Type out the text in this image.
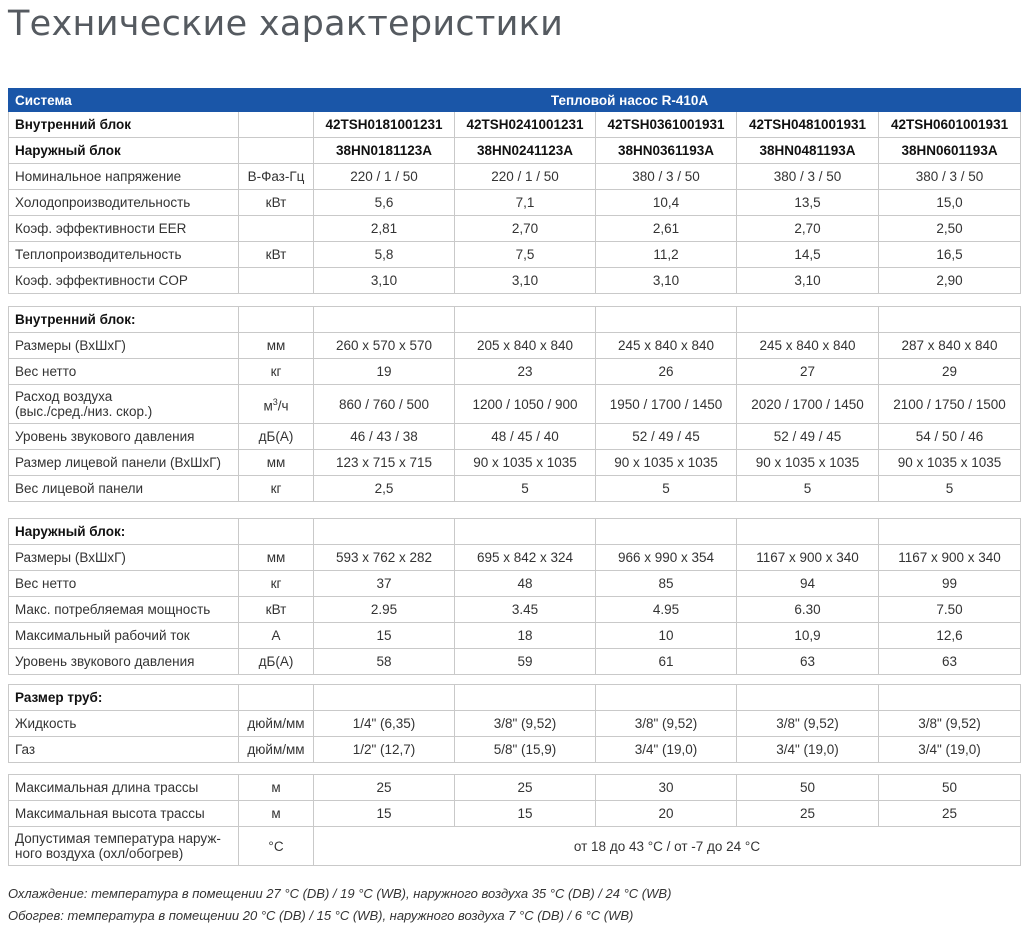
Технические характеристики
Система	Тепловой насос R-410A					
Внутренний блок		42TSH0181001231	42TSH0241001231	42TSH0361001931	42TSH0481001931	42TSH0601001931
Наружный блок		38HN0181123A	38HN0241123A	38HN0361193A	38HN0481193A	38HN0601193A
Номинальное напряжение	В-Фаз-Гц	220 / 1 / 50	220 / 1 / 50	380 / 3 / 50	380 / 3 / 50	380 / 3 / 50
Холодопроизводительность	кВт	5,6	7,1	10,4	13,5	15,0
Коэф. эффективности EER		2,81	2,70	2,61	2,70	2,50
Теплопроизводительность	кВт	5,8	7,5	11,2	14,5	16,5
Коэф. эффективности COP		3,10	3,10	3,10	3,10	2,90
Внутренний блок:						
Размеры (ВхШхГ)	мм	260 x 570 x 570	205 x 840 x 840	245 x 840 x 840	245 x 840 x 840	287 x 840 x 840
Вес нетто	кг	19	23	26	27	29
Расход воздуха
(выс./сред./низ. скор.)	$м^3/ч$	860 / 760 / 500	1200 / 1050 / 900	1950 / 1700 / 1450	2020 / 1700 / 1450	2100 / 1750 / 1500
Уровень звукового давления	дБ(А)	46 / 43 / 38	48 / 45 / 40	52 / 49 / 45	52 / 49 / 45	54 / 50 / 46
Размер лицевой панели (ВхШхГ)	мм	123 x 715 x 715	90 x 1035 x 1035	90 x 1035 x 1035	90 x 1035 x 1035	90 x 1035 x 1035
Вес лицевой панели	кг	2,5	5	5	5	5
Наружный блок:						
Размеры (ВхШхГ)	мм	593 x 762 x 282	695 x 842 x 324	966 x 990 x 354	1167 x 900 x 340	1167 x 900 x 340
Вес нетто	кг	37	48	85	94	99
Макс. потребляемая мощность	кВт	2.95	3.45	4.95	6.30	7.50
Максимальный рабочий ток	А	15	18	10	10,9	12,6
Уровень звукового давления	дБ(А)	58	59	61	63	63
Размер труб:						
Жидкость	дюйм/мм	1/4" (6,35)	3/8" (9,52)	3/8" (9,52)	3/8" (9,52)	3/8" (9,52)
Газ	дюйм/мм	1/2" (12,7)	5/8" (15,9)	3/4" (19,0)	3/4" (19,0)	3/4" (19,0)
Максимальная длина трассы	м	25	25	30	50	50
Максимальная высота трассы	м	15	15	20	25	25
Допустимая температура наруж-
ного воздуха (охл/обогрев)	°C	от 18 до 43 °C / от -7 до 24 °C				
Охлаждение: температура в помещении 27 °C (DB) / 19 °C (WB), наружного воздуха 35 °C (DB) / 24 °C (WB)
Обогрев: температура в помещении 20 °C (DB) / 15 °C (WB), наружного воздуха 7 °C (DB) / 6 °C (WB)
